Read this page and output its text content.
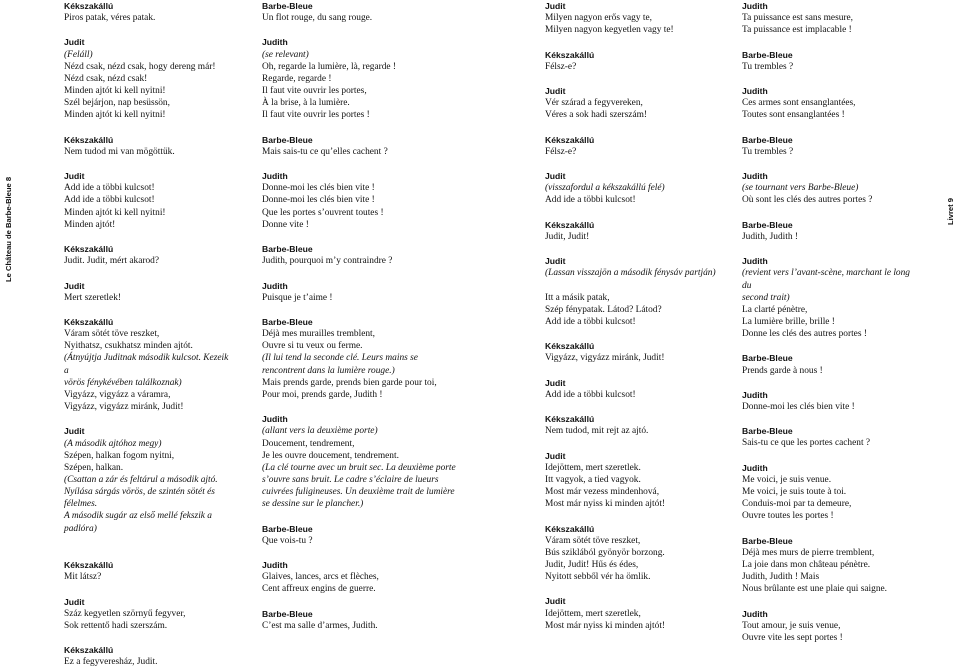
Le Château de Barbe-Bleue 8	Livret 9
Kékszakállú
Piros patak, véres patak.
Judit
(Feláll)
Nézd csak, nézd csak, hogy dereng már!
Nézd csak, nézd csak!
Minden ajtót ki kell nyitni!
Szél bejárjon, nap besüssön,
Minden ajtót ki kell nyitni!
Kékszakállú
Nem tudod mi van mögöttük.
Judit
Add ide a többi kulcsot!
Add ide a többi kulcsot!
Minden ajtót ki kell nyitni!
Minden ajtót!
Kékszakállú
Judit. Judit, mért akarod?
Judit
Mert szeretlek!
Kékszakállú
Váram sötét töve reszket,
Nyithatsz, csukhatsz minden ajtót.
(Átnyújtja Juditnak második kulcsot. Kezeik a
vörös fénykévében találkoznak)
Vigyázz, vigyázz a váramra,
Vigyázz, vigyázz miránk, Judit!
Judit
(A második ajtóhoz megy)
Szépen, halkan fogom nyitni,
Szépen, halkan.
(Csattan a zár és feltárul a második ajtó.
Nyílása sárgás vörös, de szintén sötét és félelmes.
A második sugár az első mellé fekszik a padlóra)
Kékszakállú
Mit látsz?
Judit
Száz kegyetlen szörnyű fegyver,
Sok rettentő hadi szerszám.
Kékszakállú
Ez a fegyveresház, Judit.
Barbe-Bleue
Un flot rouge, du sang rouge.
Judith
(se relevant)
Oh, regarde la lumière, là, regarde !
Regarde, regarde !
Il faut vite ouvrir les portes,
À la brise, à la lumière.
Il faut vite ouvrir les portes !
Barbe-Bleue
Mais sais-tu ce qu’elles cachent ?
Judith
Donne-moi les clés bien vite !
Donne-moi les clés bien vite !
Que les portes s’ouvrent toutes !
Donne vite !
Barbe-Bleue
Judith, pourquoi m’y contraindre ?
Judith
Puisque je t’aime !
Barbe-Bleue
Déjà mes murailles tremblent,
Ouvre si tu veux ou ferme.
(Il lui tend la seconde clé. Leurs mains se
rencontrent dans la lumière rouge.)
Mais prends garde, prends bien garde pour toi,
Pour moi, prends garde, Judith !
Judith
(allant vers la deuxième porte)
Doucement, tendrement,
Je les ouvre doucement, tendrement.
(La clé tourne avec un bruit sec. La deuxième porte
s’ouvre sans bruit. Le cadre s’éclaire de lueurs
cuivrées fuligineuses. Un deuxième trait de lumière
se dessine sur le plancher.)
Barbe-Bleue
Que vois-tu ?
Judith
Glaives, lances, arcs et flèches,
Cent affreux engins de guerre.
Barbe-Bleue
C’est ma salle d’armes, Judith.
Judit
Milyen nagyon erős vagy te,
Milyen nagyon kegyetlen vagy te!
Kékszakállú
Félsz-e?
Judit
Vér szárad a fegyvereken,
Véres a sok hadi szerszám!
Kékszakállú
Félsz-e?
Judit
(visszafordul a kékszakállú felé)
Add ide a többi kulcsot!
Kékszakállú
Judit, Judit!
Judit
(Lassan visszajön a második fénysáv partján)
Itt a másik patak,
Szép fénypatak. Látod? Látod?
Add ide a többi kulcsot!
Kékszakállú
Vigyázz, vigyázz miránk, Judit!
Judit
Add ide a többi kulcsot!
Kékszakállú
Nem tudod, mit rejt az ajtó.
Judit
Idejöttem, mert szeretlek.
Itt vagyok, a tied vagyok.
Most már vezess mindenhová,
Most már nyiss ki minden ajtót!
Kékszakállú
Váram sötét töve reszket,
Bús sziklából gyönyör borzong.
Judit, Judit! Hűs és édes,
Nyitott sebből vér ha ömlik.
Judit
Idejöttem, mert szeretlek,
Most már nyiss ki minden ajtót!
Judith
Ta puissance est sans mesure,
Ta puissance est implacable !
Barbe-Bleue
Tu trembles ?
Judith
Ces armes sont ensanglantées,
Toutes sont ensanglantées !
Barbe-Bleue
Tu trembles ?
Judith
(se tournant vers Barbe-Bleue)
Où sont les clés des autres portes ?
Barbe-Bleue
Judith, Judith !
Judith
(revient vers l’avant-scène, marchant le long du
second trait)
La clarté pénètre,
La lumière brille, brille !
Donne les clés des autres portes !
Barbe-Bleue
Prends garde à nous !
Judith
Donne-moi les clés bien vite !
Barbe-Bleue
Sais-tu ce que les portes cachent ?
Judith
Me voici, je suis venue.
Me voici, je suis toute à toi.
Conduis-moi par ta demeure,
Ouvre toutes les portes !
Barbe-Bleue
Déjà mes murs de pierre tremblent,
La joie dans mon château pénètre.
Judith, Judith ! Mais
Nous brûlante est une plaie qui saigne.
Judith
Tout amour, je suis venue,
Ouvre vite les sept portes !
